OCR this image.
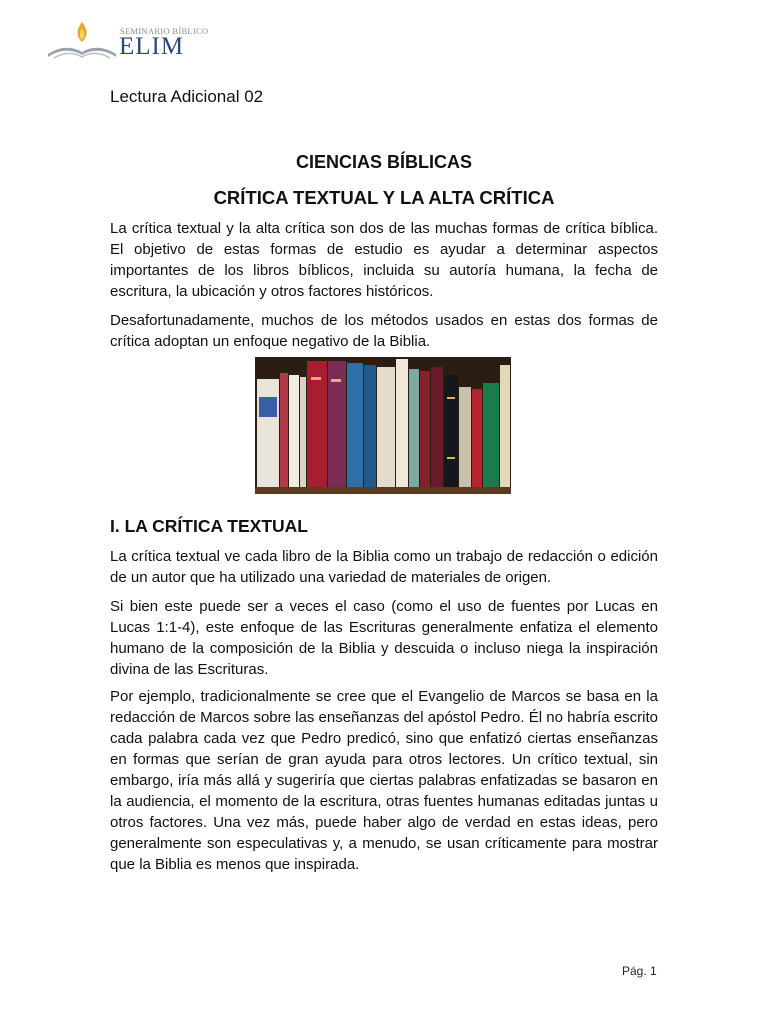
SEMINARIO BÍBLICO
ELIM
Lectura Adicional 02
CIENCIAS BÍBLICAS
CRÍTICA TEXTUAL Y LA ALTA CRÍTICA

La crítica textual y la alta crítica son dos de las muchas formas de crítica bíblica. El objetivo de estas formas de estudio es ayudar a determinar aspectos importantes de los libros bíblicos, incluida su autoría humana, la fecha de escritura, la ubicación y otros factores históricos.

Desafortunadamente, muchos de los métodos usados en estas dos formas de crítica adoptan un enfoque negativo de la Biblia.

I. LA CRÍTICA TEXTUAL

La crítica textual ve cada libro de la Biblia como un trabajo de redacción o edición de un autor que ha utilizado una variedad de materiales de origen.

Si bien este puede ser a veces el caso (como el uso de fuentes por Lucas en Lucas 1:1-4), este enfoque de las Escrituras generalmente enfatiza el elemento humano de la composición de la Biblia y descuida o incluso niega la inspiración divina de las Escrituras.

Por ejemplo, tradicionalmente se cree que el Evangelio de Marcos se basa en la redacción de Marcos sobre las enseñanzas del apóstol Pedro. Él no habría escrito cada palabra cada vez que Pedro predicó, sino que enfatizó ciertas enseñanzas en formas que serían de gran ayuda para otros lectores. Un crítico textual, sin embargo, iría más allá y sugeriría que ciertas palabras enfatizadas se basaron en la audiencia, el momento de la escritura, otras fuentes humanas editadas juntas u otros factores. Una vez más, puede haber algo de verdad en estas ideas, pero generalmente son especulativas y, a menudo, se usan críticamente para mostrar que la Biblia es menos que inspirada.

Pág. 1
